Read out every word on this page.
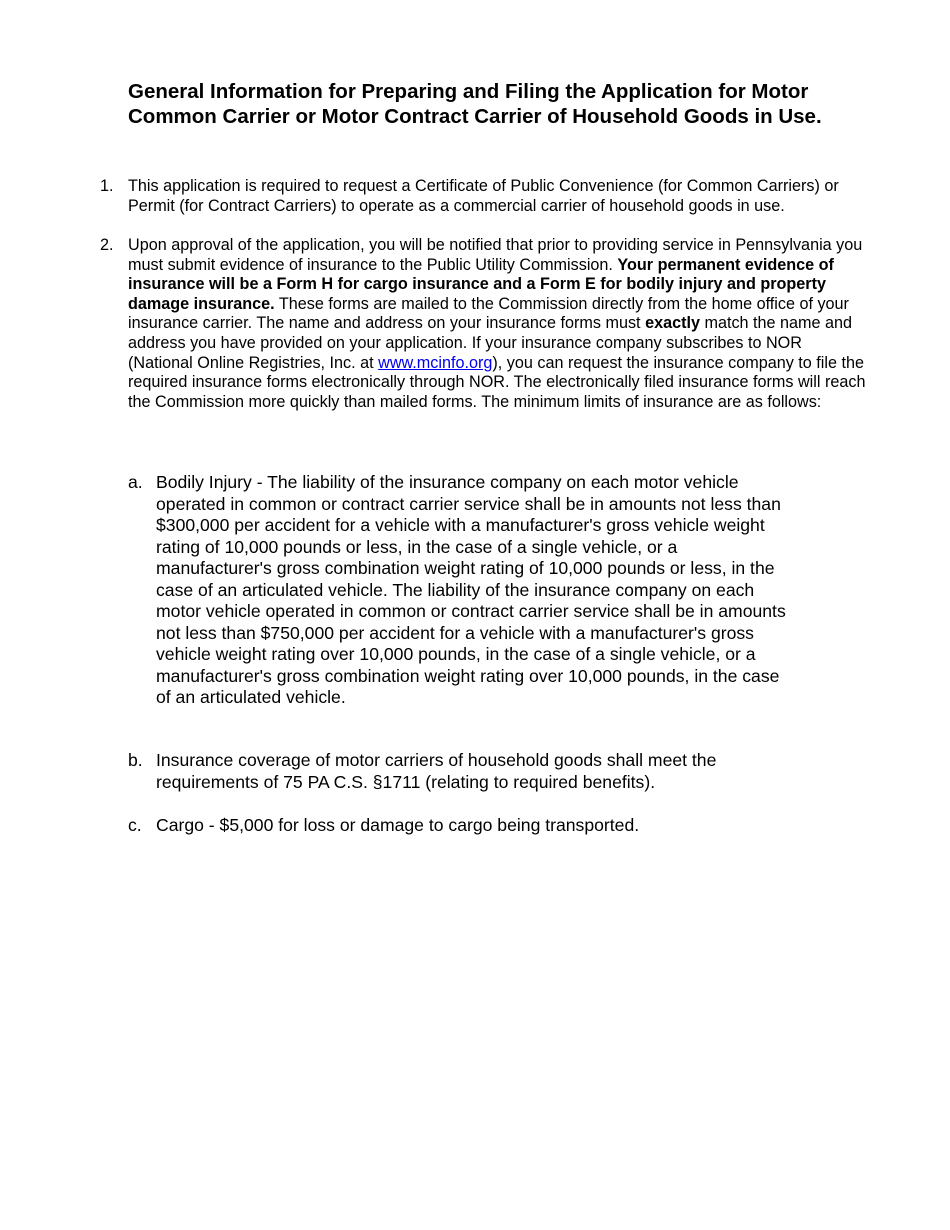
General Information for Preparing and Filing the Application for Motor Common Carrier or Motor Contract Carrier of Household Goods in Use.
1. This application is required to request a Certificate of Public Convenience (for Common Carriers) or Permit (for Contract Carriers) to operate as a commercial carrier of household goods in use.
2. Upon approval of the application, you will be notified that prior to providing service in Pennsylvania you must submit evidence of insurance to the Public Utility Commission. Your permanent evidence of insurance will be a Form H for cargo insurance and a Form E for bodily injury and property damage insurance. These forms are mailed to the Commission directly from the home office of your insurance carrier. The name and address on your insurance forms must exactly match the name and address you have provided on your application. If your insurance company subscribes to NOR (National Online Registries, Inc. at www.mcinfo.org), you can request the insurance company to file the required insurance forms electronically through NOR. The electronically filed insurance forms will reach the Commission more quickly than mailed forms. The minimum limits of insurance are as follows:
a. Bodily Injury - The liability of the insurance company on each motor vehicle operated in common or contract carrier service shall be in amounts not less than $300,000 per accident for a vehicle with a manufacturer's gross vehicle weight rating of 10,000 pounds or less, in the case of a single vehicle, or a manufacturer's gross combination weight rating of 10,000 pounds or less, in the case of an articulated vehicle. The liability of the insurance company on each motor vehicle operated in common or contract carrier service shall be in amounts not less than $750,000 per accident for a vehicle with a manufacturer's gross vehicle weight rating over 10,000 pounds, in the case of a single vehicle, or a manufacturer's gross combination weight rating over 10,000 pounds, in the case of an articulated vehicle.
b. Insurance coverage of motor carriers of household goods shall meet the requirements of 75 PA C.S. §1711 (relating to required benefits).
c. Cargo - $5,000 for loss or damage to cargo being transported.
